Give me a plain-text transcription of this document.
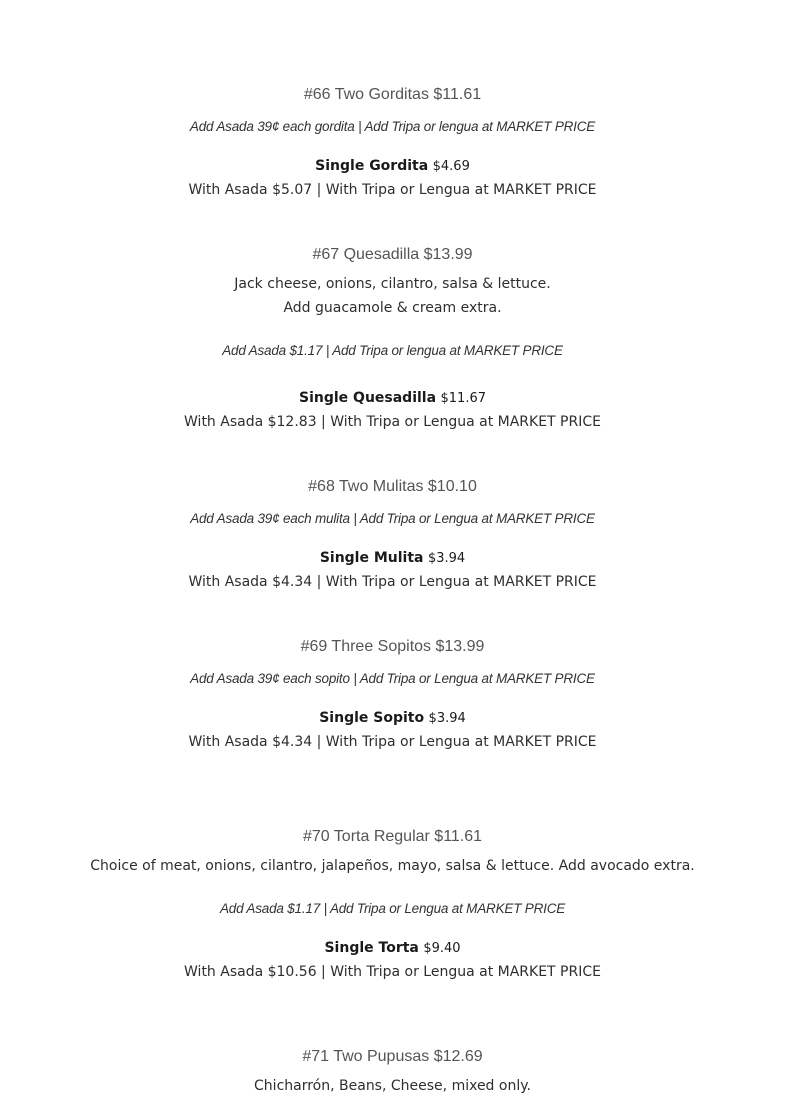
#66 Two Gorditas $11.61
Add Asada 39¢ each gordita | Add Tripa or lengua at MARKET PRICE
Single Gordita $4.69
With Asada $5.07 | With Tripa or Lengua at MARKET PRICE
#67 Quesadilla $13.99
Jack cheese, onions, cilantro, salsa & lettuce.
Add guacamole & cream extra.
Add Asada $1.17 | Add Tripa or lengua at MARKET PRICE
Single Quesadilla $11.67
With Asada $12.83 | With Tripa or Lengua at MARKET PRICE
#68 Two Mulitas $10.10
Add Asada 39¢ each mulita | Add Tripa or Lengua at MARKET PRICE
Single Mulita $3.94
With Asada $4.34 | With Tripa or Lengua at MARKET PRICE
#69 Three Sopitos $13.99
Add Asada 39¢ each sopito | Add Tripa or Lengua at MARKET PRICE
Single Sopito $3.94
With Asada $4.34 | With Tripa or Lengua at MARKET PRICE
#70 Torta Regular $11.61
Choice of meat, onions, cilantro, jalapeños, mayo, salsa & lettuce. Add avocado extra.
Add Asada $1.17 | Add Tripa or Lengua at MARKET PRICE
Single Torta $9.40
With Asada $10.56 | With Tripa or Lengua at MARKET PRICE
#71 Two Pupusas $12.69
Chicharrón, Beans, Cheese, mixed only.
